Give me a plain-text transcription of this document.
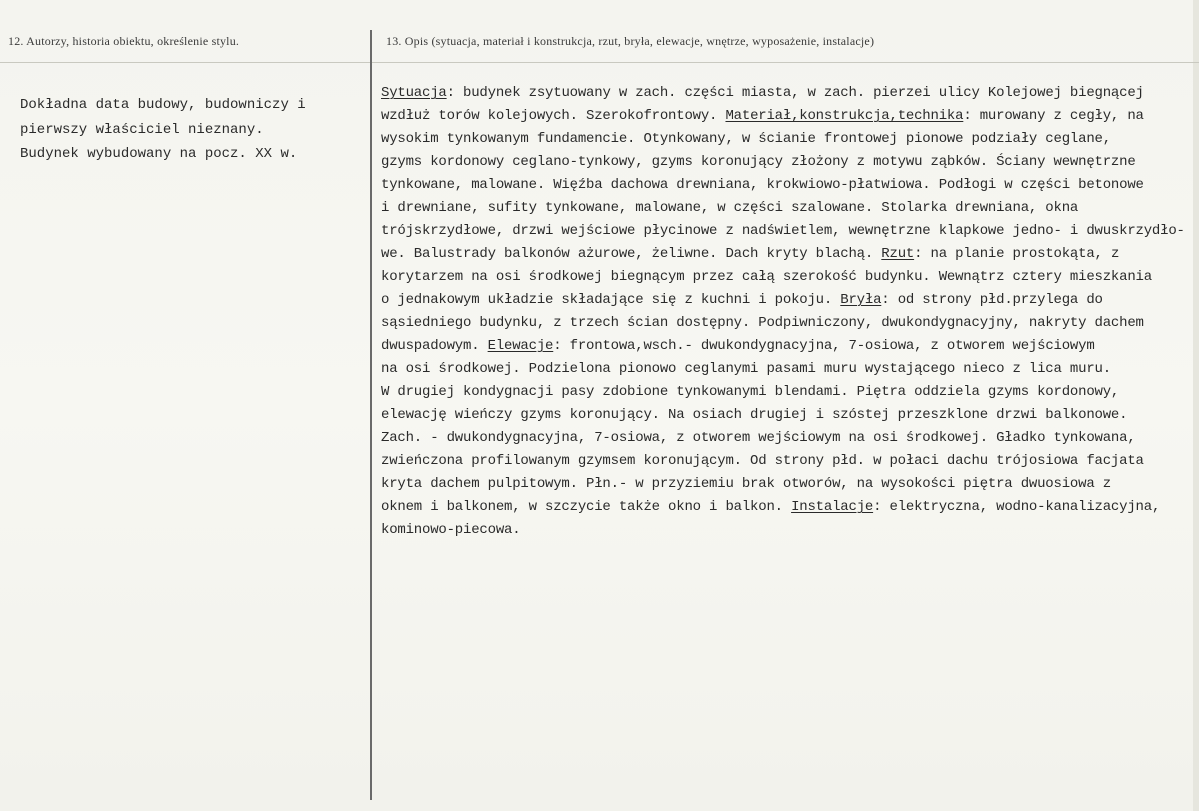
12. Autorzy, historia obiektu, określenie stylu.	13. Opis (sytuacja, materiał i konstrukcja, rzut, bryła, elewacje, wnętrze, wyposażenie, instalacje)
Dokładna data budowy, budowniczy i
pierwszy właściciel nieznany.
Budynek wybudowany na pocz. XX w.
Sytuacja: budynek zsytuowany w zach. części miasta, w zach. pierzei ulicy Kolejowej biegnącej
wzdłuż torów kolejowych. Szerokofrontowy. Materiał,konstrukcja,technika: murowany z cegły, na
wysokim tynkowanym fundamencie. Otynkowany, w ścianie frontowej pionowe podziały ceglane,
gzyms kordonowy ceglano-tynkowy, gzyms koronujący złożony z motywu ząbków. Ściany wewnętrzne
tynkowane, malowane. Więźba dachowa drewniana, krokwiowo-płatwiowa. Podłogi w części betonowe
i drewniane, sufity tynkowane, malowane, w części szalowane. Stolarka drewniana, okna
trójskrzydłowe, drzwi wejściowe płycinowe z nadświetlem, wewnętrzne klapkowe jedno- i dwuskrzydło-
we. Balustrady balkonów ażurowe, żeliwne. Dach kryty blachą. Rzut: na planie prostokąta, z
korytarzem na osi środkowej biegnącym przez całą szerokość budynku. Wewnątrz cztery mieszkania
o jednakowym układzie składające się z kuchni i pokoju. Bryła: od strony płd.przylega do
sąsiedniego budynku, z trzech ścian dostępny. Podpiwniczony, dwukondygnacyjny, nakryty dachem
dwuspadowym. Elewacje: frontowa,wsch.- dwukondygnacyjna, 7-osiowa, z otworem wejściowym
na osi środkowej. Podzielona pionowo ceglanymi pasami muru wystającego nieco z lica muru.
W drugiej kondygnacji pasy zdobione tynkowanymi blendami. Piętra oddziela gzyms kordonowy,
elewację wieńczy gzyms koronujący. Na osiach drugiej i szóstej przeszklone drzwi balkonowe.
Zach. - dwukondygnacyjna, 7-osiowa, z otworem wejściowym na osi środkowej. Gładko tynkowana,
zwieńczona profilowanym gzymsem koronującym. Od strony płd. w połaci dachu trójosiowa facjata
kryta dachem pulpitowym. Płn.- w przyziemiu brak otworów, na wysokości piętra dwuosiowa z
oknem i balkonem, w szczycie także okno i balkon. Instalacje: elektryczna, wodno-kanalizacyjna,
kominowo-piecowa.
